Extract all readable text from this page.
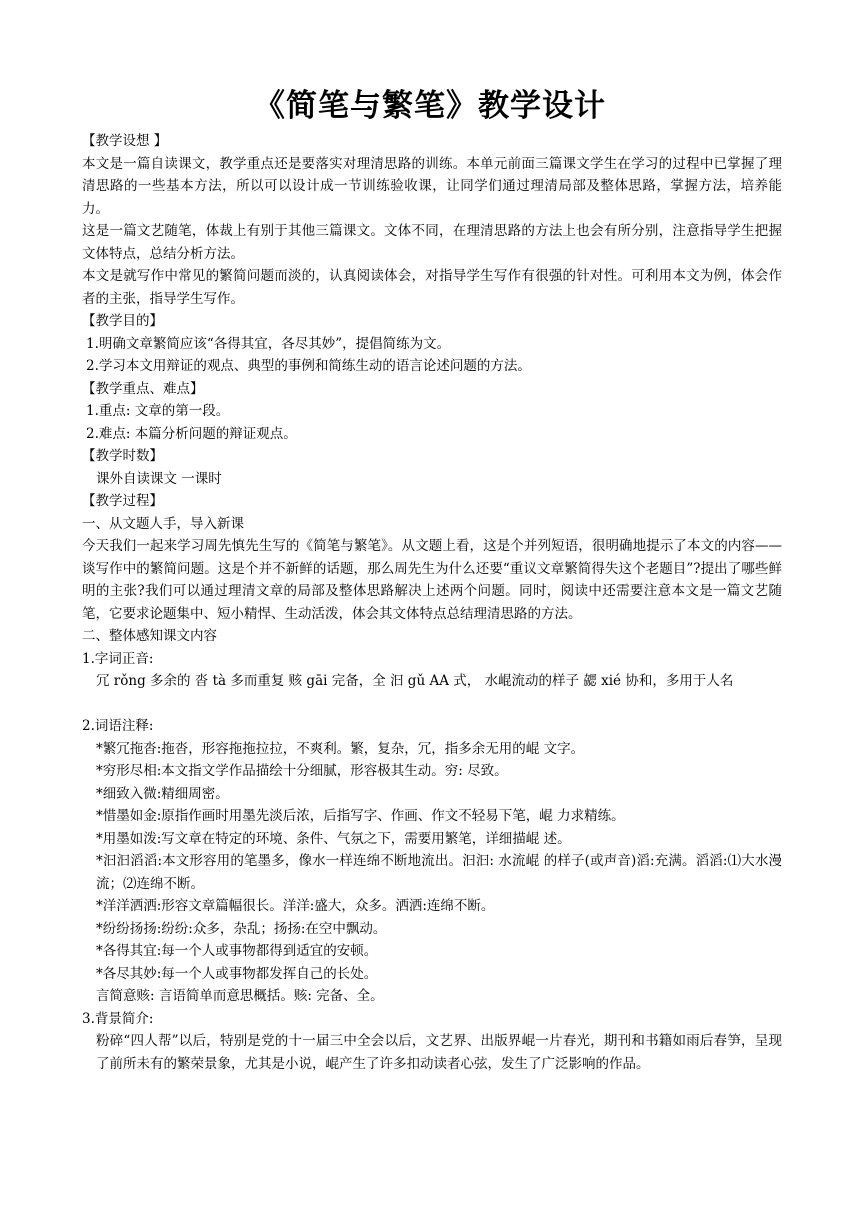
《简笔与繁笔》教学设计

【教学设想 】

本文是一篇自读课文，教学重点还是要落实对理清思路的训练。本单元前面三篇课文学生在学习的过程中已掌握了理清思路的一些基本方法，所以可以设计成一节训练验收课，让同学们通过理清局部及整体思路，掌握方法，培养能力。

这是一篇文艺随笔，体裁上有别于其他三篇课文。文体不同，在理清思路的方法上也会有所分别，注意指导学生把握文体特点，总结分析方法。

本文是就写作中常见的繁简问题而淡的，认真阅读体会，对指导学生写作有很强的针对性。可利用本文为例，体会作者的主张，指导学生写作。

【教学目的】

1.明确文章繁简应该“各得其宜，各尽其妙”，提倡简练为文。

2.学习本文用辩证的观点、典型的事例和简练生动的语言论述问题的方法。

【教学重点、难点】

1.重点: 文章的第一段。

2.难点: 本篇分析问题的辩证观点。

【教学时数】

课外自读课文 一课时

【教学过程】

一、从文题人手，导入新课

今天我们一起来学习周先慎先生写的《简笔与繁笔》。从文题上看，这是个并列短语，很明确地提示了本文的内容——谈写作中的繁简问题。这是个并不新鲜的话题，那么周先生为什么还要“重议文章繁简得失这个老题目”?提出了哪些鲜明的主张?我们可以通过理清文章的局部及整体思路解决上述两个问题。同时，阅读中还需要注意本文是一篇文艺随笔，它要求论题集中、短小精悍、生动活泼，体会其文体特点总结理清思路的方法。

二、整体感知课文内容

1.字词正音:

冗 rǒng 多余的 沓 tà 多而重复 赅 gāi 完备，全 汩 gǔ AA 式， 水崐流动的样子 勰 xié 协和，多用于人名

2.词语注释:

*繁冗拖沓:拖沓，形容拖拖拉拉，不爽利。繁，复杂，冗，指多余无用的崐 文字。

*穷形尽相:本文指文学作品描绘十分细腻，形容极其生动。穷: 尽致。

*细致入微:精细周密。

*惜墨如金:原指作画时用墨先淡后浓，后指写字、作画、作文不轻易下笔，崐 力求精练。

*用墨如泼:写文章在特定的环境、条件、气氛之下，需要用繁笔，详细描崐 述。

*汩汩滔滔:本文形容用的笔墨多，像水一样连绵不断地流出。汩汩: 水流崐 的样子(或声音)滔:充满。滔滔:⑴大水漫流；⑵连绵不断。

*洋洋洒洒:形容文章篇幅很长。洋洋:盛大，众多。洒洒:连绵不断。

*纷纷扬扬:纷纷:众多，杂乱；扬扬:在空中飘动。

*各得其宜:每一个人或事物都得到适宜的安顿。

*各尽其妙:每一个人或事物都发挥自己的长处。

言简意赅: 言语简单而意思概括。赅: 完备、全。

3.背景简介:

粉碎“四人帮”以后，特别是党的十一届三中全会以后，文艺界、出版界崐一片春光，期刊和书籍如雨后春笋，呈现了前所未有的繁荣景象，尤其是小说，崐产生了许多扣动读者心弦，发生了广泛影响的作品。
